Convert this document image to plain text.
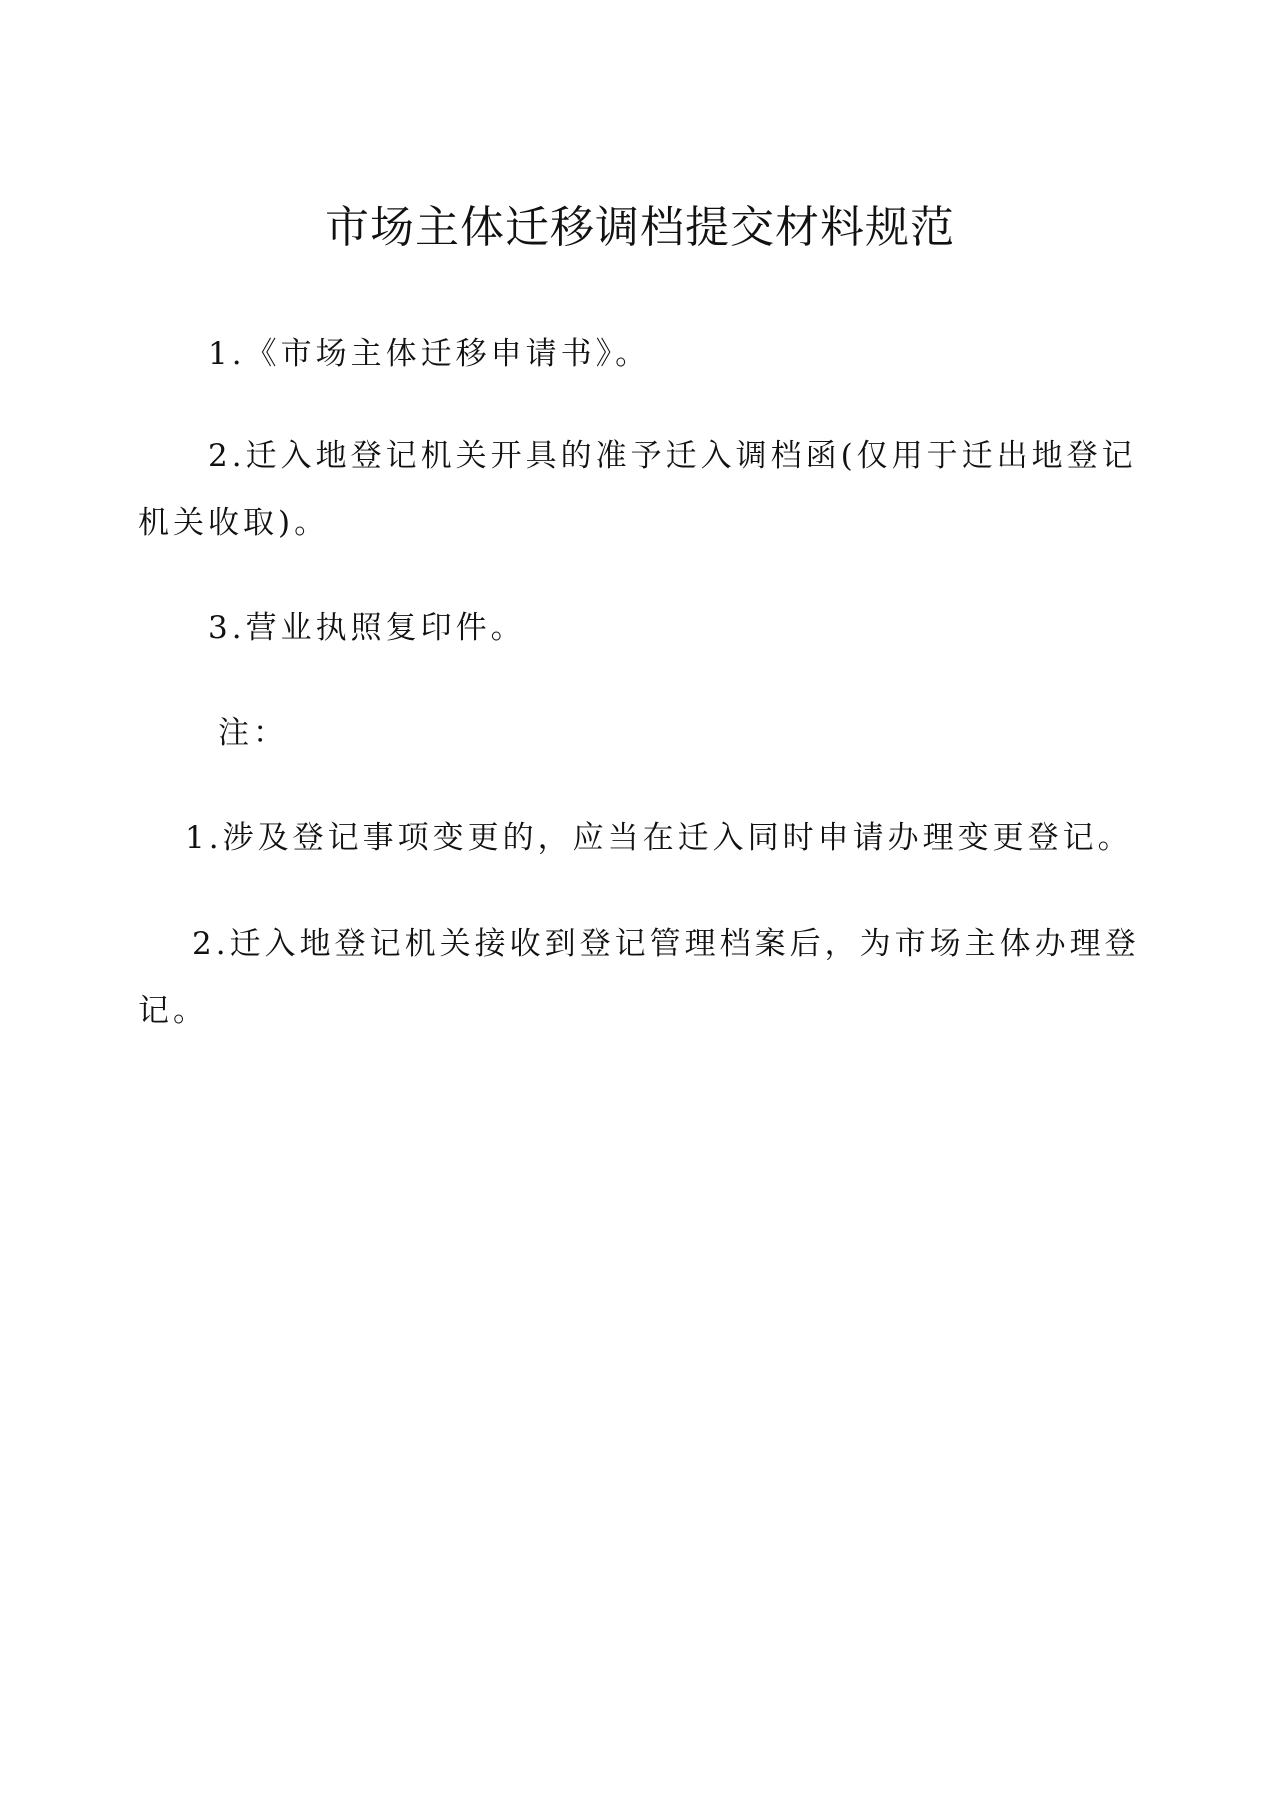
市场主体迁移调档提交材料规范

1.《市场主体迁移申请书》。

2.迁入地登记机关开具的准予迁入调档函(仅用于迁出地登记

机关收取)。

3.营业执照复印件。

注：

1.涉及登记事项变更的，应当在迁入同时申请办理变更登记。

2.迁入地登记机关接收到登记管理档案后，为市场主体办理登

记。
